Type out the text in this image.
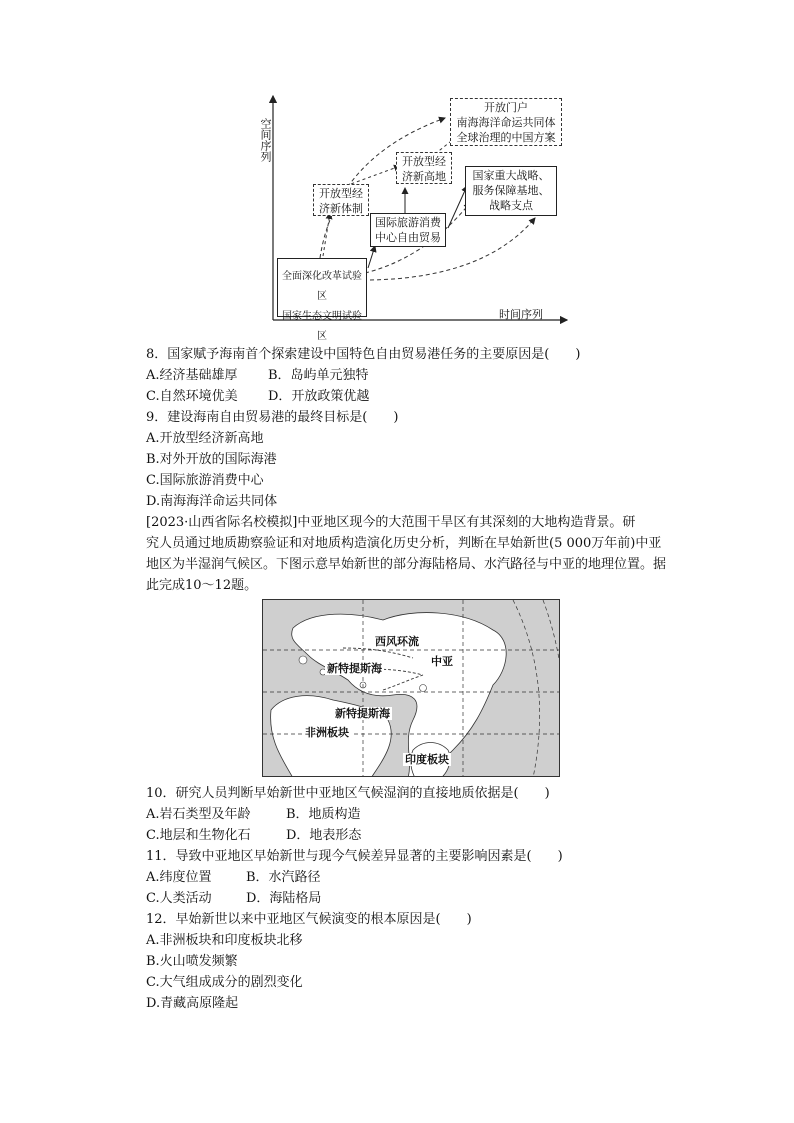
全面深化改革试验区
国家生态文明试验区
开放型经
济新体制
开放型经
济新高地
国际旅游消费
中心自由贸易
开放门户
南海海洋命运共同体
全球治理的中国方案
国家重大战略、
服务保障基地、
战略支点
空间序列
时间序列
8．国家赋予海南首个探索建设中国特色自由贸易港任务的主要原因是(　　)
A.经济基础雄厚 B．岛屿单元独特
C.自然环境优美 D．开放政策优越
9．建设海南自由贸易港的最终目标是(　　)
A.开放型经济新高地
B.对外开放的国际海港
C.国际旅游消费中心
D.南海海洋命运共同体
[2023·山西省际名校模拟]中亚地区现今的大范围干旱区有其深刻的大地构造背景。研
究人员通过地质勘察验证和对地质构造演化历史分析，判断在早始新世(5 000万年前)中亚
地区为半湿润气候区。下图示意早始新世的部分海陆格局、水汽路径与中亚的地理位置。据
此完成10～12题。
西风环流
中亚
新特提斯海
新特提斯海
非洲板块
印度板块
10．研究人员判断早始新世中亚地区气候湿润的直接地质依据是(　　)
A.岩石类型及年龄	B．地质构造
C.地层和生物化石	D．地表形态
11．导致中亚地区早始新世与现今气候差异显著的主要影响因素是(　　)
A.纬度位置	B．水汽路径
C.人类活动	D．海陆格局
12．早始新世以来中亚地区气候演变的根本原因是(　　)
A.非洲板块和印度板块北移
B.火山喷发频繁
C.大气组成成分的剧烈变化
D.青藏高原隆起
